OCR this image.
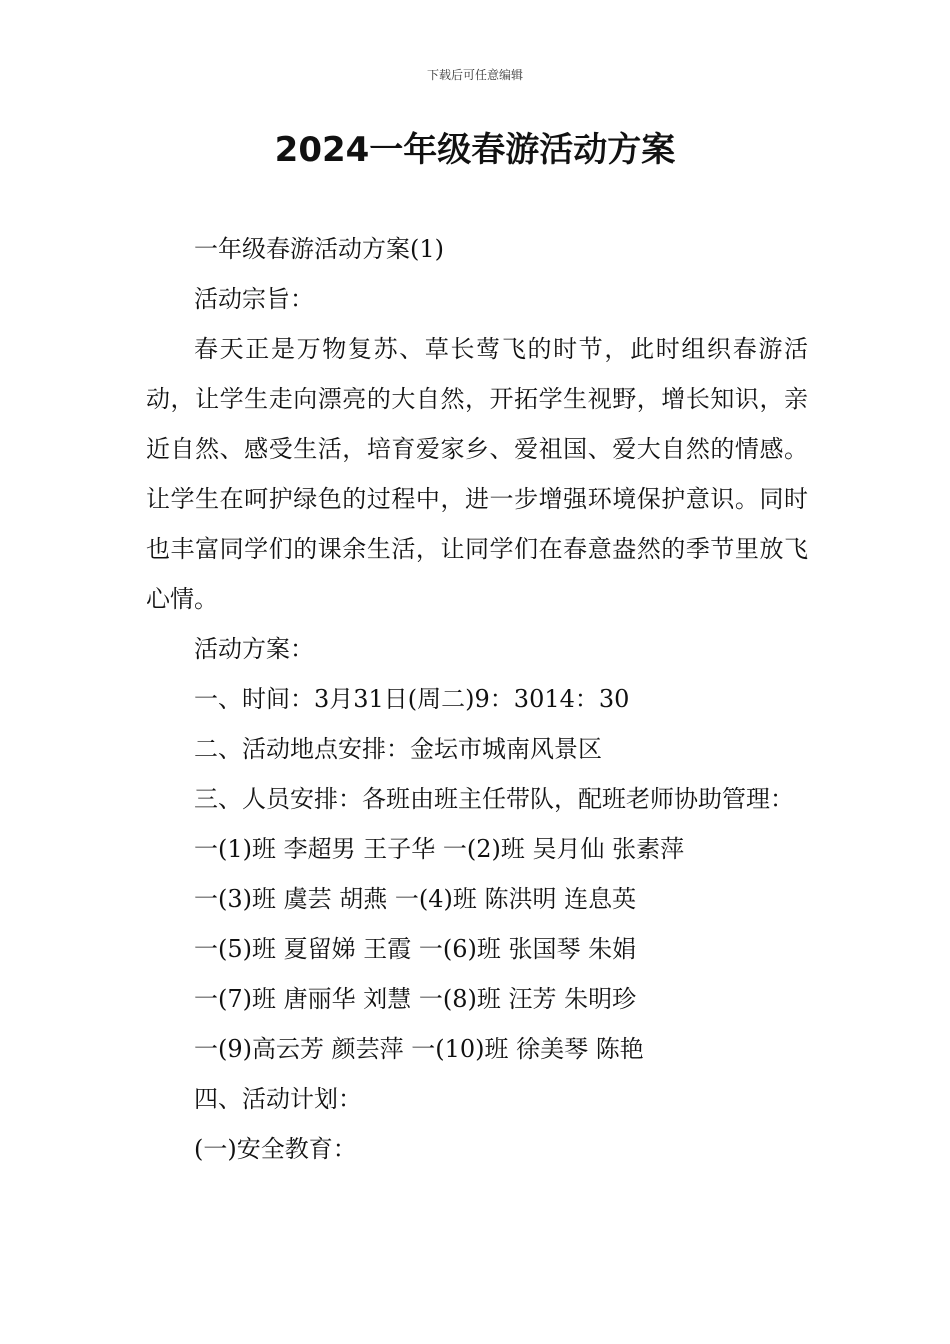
下载后可任意编辑
2024一年级春游活动方案

一年级春游活动方案(1)

活动宗旨：

春天正是万物复苏、草长莺飞的时节，此时组织春游活动，让学生走向漂亮的大自然，开拓学生视野，增长知识，亲近自然、感受生活，培育爱家乡、爱祖国、爱大自然的情感。让学生在呵护绿色的过程中，进一步增强环境保护意识。同时也丰富同学们的课余生活，让同学们在春意盎然的季节里放飞心情。

活动方案：

一、时间：3月31日(周二)9：3014：30

二、活动地点安排：金坛市城南风景区

三、人员安排：各班由班主任带队，配班老师协助管理：

一(1)班 李超男 王子华 一(2)班 吴月仙 张素萍

一(3)班 虞芸 胡燕 一(4)班 陈洪明 连息英

一(5)班 夏留娣 王霞 一(6)班 张国琴 朱娟

一(7)班 唐丽华 刘慧 一(8)班 汪芳 朱明珍

一(9)高云芳 颜芸萍 一(10)班 徐美琴 陈艳

四、活动计划：

(一)安全教育：
